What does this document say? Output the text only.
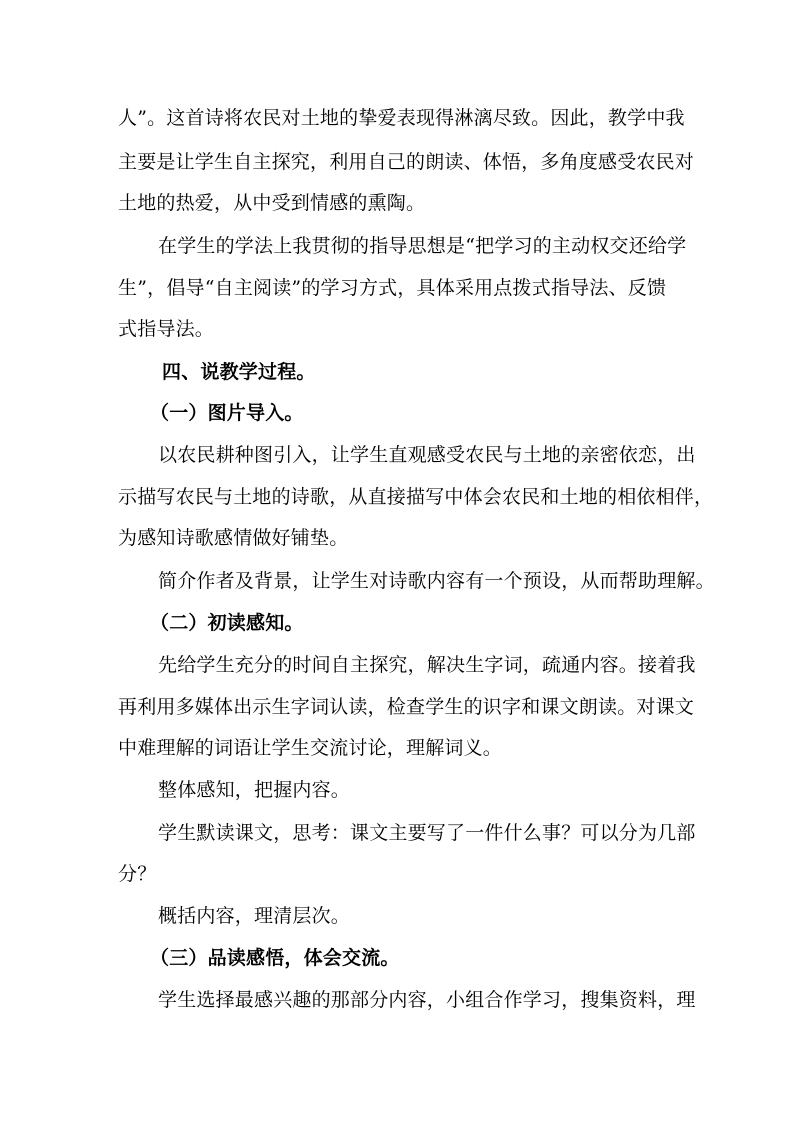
人”。这首诗将农民对土地的挚爱表现得淋漓尽致。因此，教学中我
主要是让学生自主探究，利用自己的朗读、体悟，多角度感受农民对
土地的热爱，从中受到情感的熏陶。
在学生的学法上我贯彻的指导思想是“把学习的主动权交还给学
生”，倡导“自主阅读”的学习方式，具体采用点拨式指导法、反馈
式指导法。
四、说教学过程。
（一）图片导入。
以农民耕种图引入，让学生直观感受农民与土地的亲密依恋，出
示描写农民与土地的诗歌，从直接描写中体会农民和土地的相依相伴，
为感知诗歌感情做好铺垫。
简介作者及背景，让学生对诗歌内容有一个预设，从而帮助理解。
（二）初读感知。
先给学生充分的时间自主探究，解决生字词，疏通内容。接着我
再利用多媒体出示生字词认读，检查学生的识字和课文朗读。对课文
中难理解的词语让学生交流讨论，理解词义。
整体感知，把握内容。
学生默读课文，思考：课文主要写了一件什么事？可以分为几部
分？
概括内容，理清层次。
（三）品读感悟，体会交流。
学生选择最感兴趣的那部分内容，小组合作学习，搜集资料，理
